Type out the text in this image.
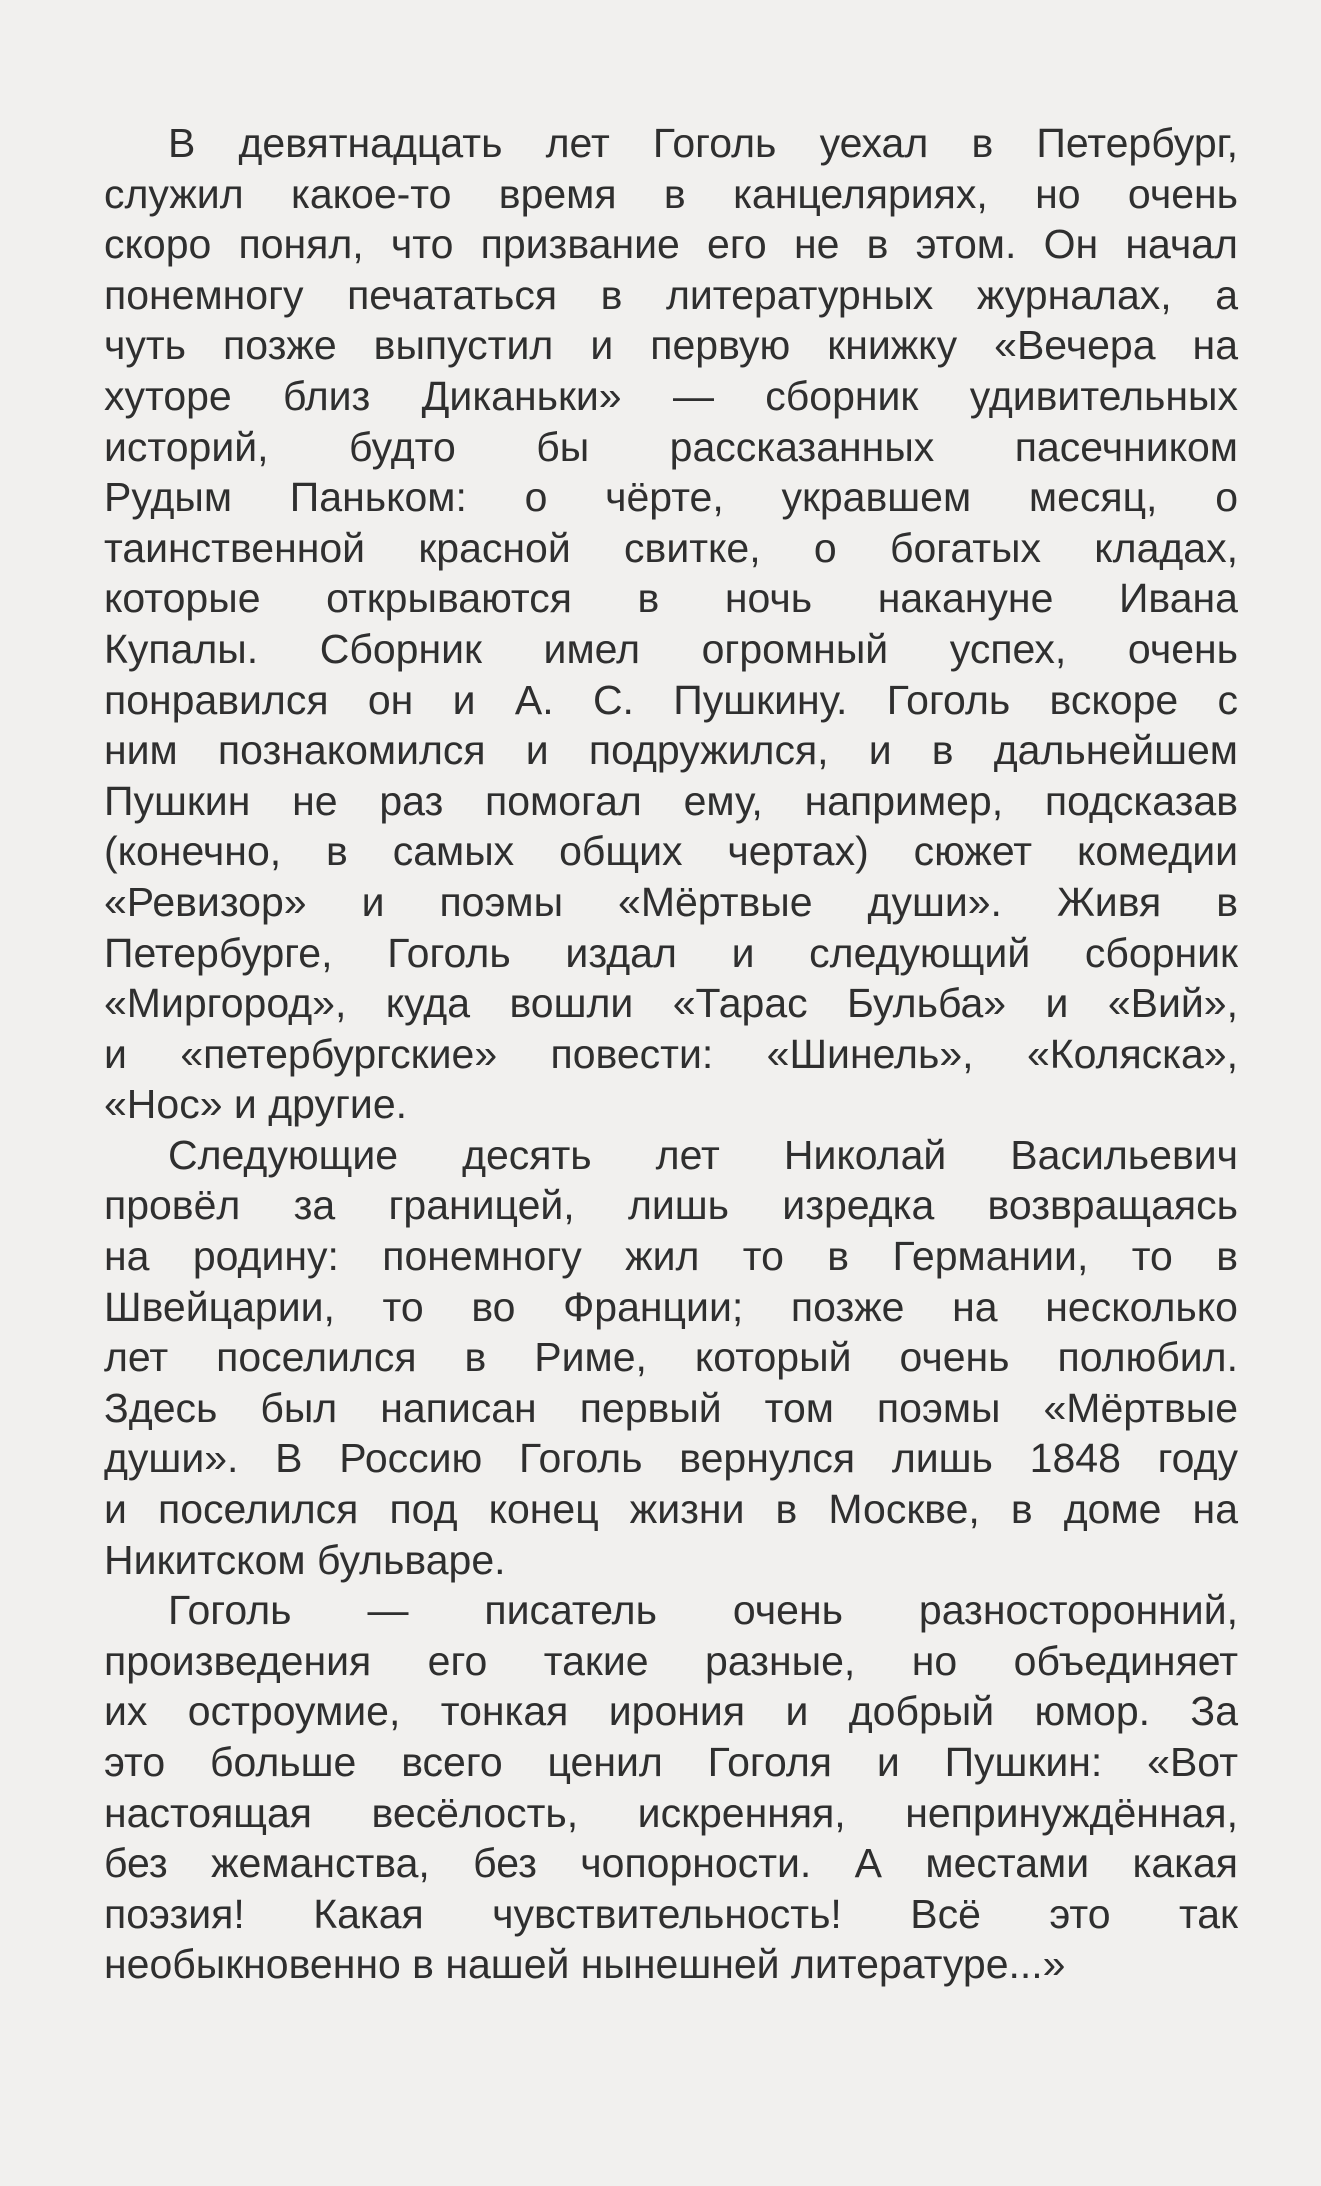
В девятнадцать лет Гоголь уехал в Петербург,
служил какое-то время в канцеляриях, но очень
скоро понял, что призвание его не в этом. Он начал
понемногу печататься в литературных журналах, а
чуть позже выпустил и первую книжку «Вечера на
хуторе близ Диканьки» — сборник удивительных
историй, будто бы рассказанных пасечником
Рудым Паньком: о чёрте, укравшем месяц, о
таинственной красной свитке, о богатых кладах,
которые открываются в ночь накануне Ивана
Купалы. Сборник имел огромный успех, очень
понравился он и А. С. Пушкину. Гоголь вскоре с
ним познакомился и подружился, и в дальнейшем
Пушкин не раз помогал ему, например, подсказав
(конечно, в самых общих чертах) сюжет комедии
«Ревизор» и поэмы «Мёртвые души». Живя в
Петербурге, Гоголь издал и следующий сборник
«Миргород», куда вошли «Тарас Бульба» и «Вий»,
и «петербургские» повести: «Шинель», «Коляска»,
«Нос» и другие.
Следующие десять лет Николай Васильевич
провёл за границей, лишь изредка возвращаясь
на родину: понемногу жил то в Германии, то в
Швейцарии, то во Франции; позже на несколько
лет поселился в Риме, который очень полюбил.
Здесь был написан первый том поэмы «Мёртвые
души». В Россию Гоголь вернулся лишь 1848 году
и поселился под конец жизни в Москве, в доме на
Никитском бульваре.
Гоголь — писатель очень разносторонний,
произведения его такие разные, но объединяет
их остроумие, тонкая ирония и добрый юмор. За
это больше всего ценил Гоголя и Пушкин: «Вот
настоящая весёлость, искренняя, непринуждённая,
без жеманства, без чопорности. А местами какая
поэзия! Какая чувствительность! Всё это так
необыкновенно в нашей нынешней литературе...»
